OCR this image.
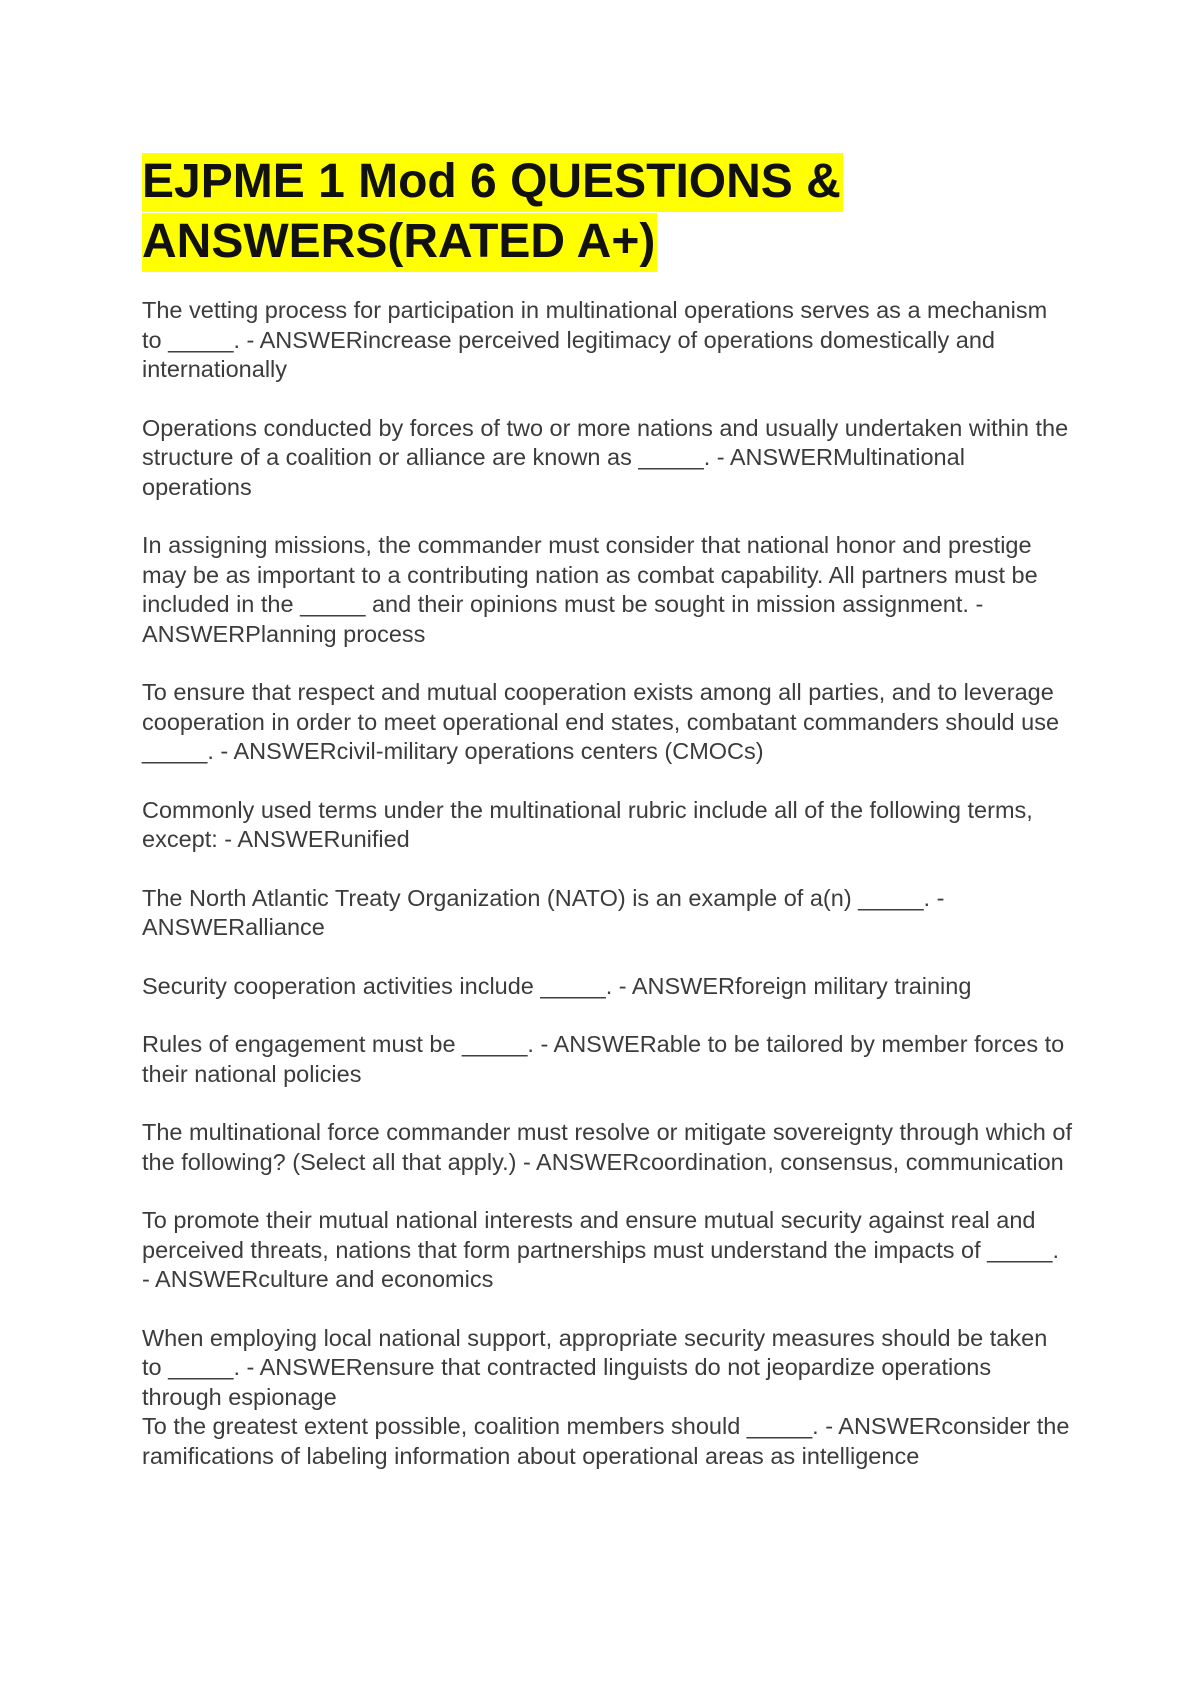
EJPME 1 Mod 6 QUESTIONS & ANSWERS(RATED A+)

The vetting process for participation in multinational operations serves as a mechanism to _____. - ANSWERincrease perceived legitimacy of operations domestically and internationally

Operations conducted by forces of two or more nations and usually undertaken within the structure of a coalition or alliance are known as _____. - ANSWERMultinational operations

In assigning missions, the commander must consider that national honor and prestige may be as important to a contributing nation as combat capability. All partners must be included in the _____ and their opinions must be sought in mission assignment. - ANSWERPlanning process

To ensure that respect and mutual cooperation exists among all parties, and to leverage cooperation in order to meet operational end states, combatant commanders should use _____. - ANSWERcivil-military operations centers (CMOCs)

Commonly used terms under the multinational rubric include all of the following terms, except: - ANSWERunified

The North Atlantic Treaty Organization (NATO) is an example of a(n) _____. - ANSWERalliance

Security cooperation activities include _____. - ANSWERforeign military training

Rules of engagement must be _____. - ANSWERable to be tailored by member forces to their national policies

The multinational force commander must resolve or mitigate sovereignty through which of the following? (Select all that apply.) - ANSWERcoordination, consensus, communication

To promote their mutual national interests and ensure mutual security against real and perceived threats, nations that form partnerships must understand the impacts of _____. - ANSWERculture and economics

When employing local national support, appropriate security measures should be taken to _____. - ANSWERensure that contracted linguists do not jeopardize operations through espionage

To the greatest extent possible, coalition members should _____. - ANSWERconsider the ramifications of labeling information about operational areas as intelligence
